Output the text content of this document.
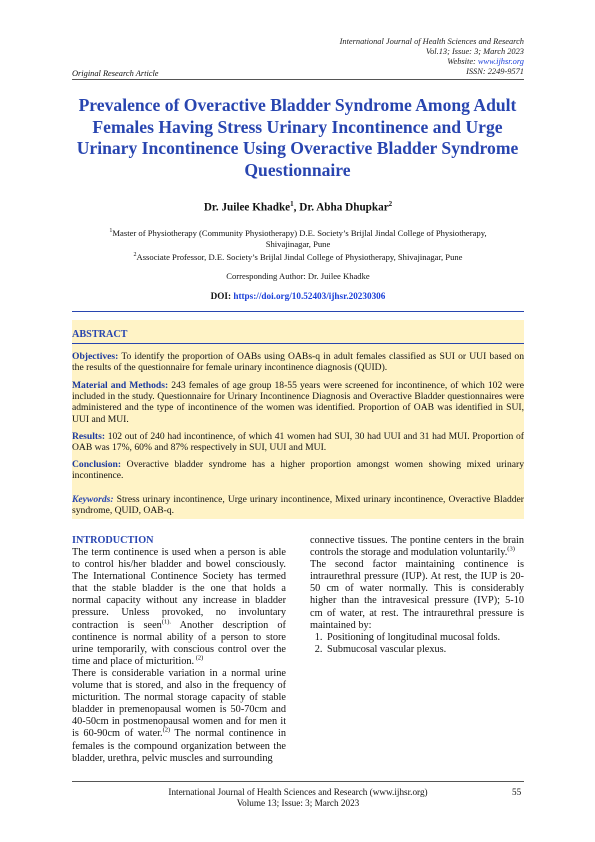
International Journal of Health Sciences and Research
Vol.13; Issue: 3; March 2023
Website: www.ijhsr.org
ISSN: 2249-9571
Original Research Article
Prevalence of Overactive Bladder Syndrome Among Adult Females Having Stress Urinary Incontinence and Urge Urinary Incontinence Using Overactive Bladder Syndrome Questionnaire
Dr. Juilee Khadke$^1$, Dr. Abha Dhupkar$^2$
$^1$Master of Physiotherapy (Community Physiotherapy) D.E. Society’s Brijlal Jindal College of Physiotherapy,
Shivajinagar, Pune
$^2$Associate Professor, D.E. Society’s Brijlal Jindal College of Physiotherapy, Shivajinagar, Pune
Corresponding Author: Dr. Juilee Khadke
DOI: https://doi.org/10.52403/ijhsr.20230306
ABSTRACT
Objectives: To identify the proportion of OABs using OABs-q in adult females classified as SUI or UUI based on the results of the questionnaire for female urinary incontinence diagnosis (QUID).
Material and Methods: 243 females of age group 18-55 years were screened for incontinence, of which 102 were included in the study. Questionnaire for Urinary Incontinence Diagnosis and Overactive Bladder questionnaires were administered and the type of incontinence of the women was identified. Proportion of OAB was identified in SUI, UUI and MUI.
Results: 102 out of 240 had incontinence, of which 41 women had SUI, 30 had UUI and 31 had MUI. Proportion of OAB was 17%, 60% and 87% respectively in SUI, UUI and MUI.
Conclusion: Overactive bladder syndrome has a higher proportion amongst women showing mixed urinary incontinence.
Keywords: Stress urinary incontinence, Urge urinary incontinence, Mixed urinary incontinence, Overactive Bladder syndrome, QUID, OAB-q.
INTRODUCTION

The term continence is used when a person is able to control his/her bladder and bowel consciously. The International Continence Society has termed that the stable bladder is the one that holds a normal capacity without any increase in bladder pressure. Unless provoked, no involuntary contraction is seen$^{(1).}$ Another description of continence is normal ability of a person to store urine temporarily, with conscious control over the time and place of micturition. $^{(2)}$

There is considerable variation in a normal urine volume that is stored, and also in the frequency of micturition. The normal storage capacity of stable bladder in premenopausal women is 50-70cm and 40-50cm in postmenopausal women and for men it is 60-90cm of water.$^{(2)}$ The normal continence in females is the compound organization between the bladder, urethra, pelvic muscles and surrounding

connective tissues. The pontine centers in the brain controls the storage and modulation voluntarily.$^{(3)}$

The second factor maintaining continence is intraurethral pressure (IUP). At rest, the IUP is 20-50 cm of water normally. This is considerably higher than the intravesical pressure (IVP); 5-10 cm of water, at rest. The intraurethral pressure is maintained by:

1. Positioning of longitudinal mucosal folds.
2. Submucosal vascular plexus.
International Journal of Health Sciences and Research (www.ijhsr.org)
Volume 13; Issue: 3; March 2023
55
